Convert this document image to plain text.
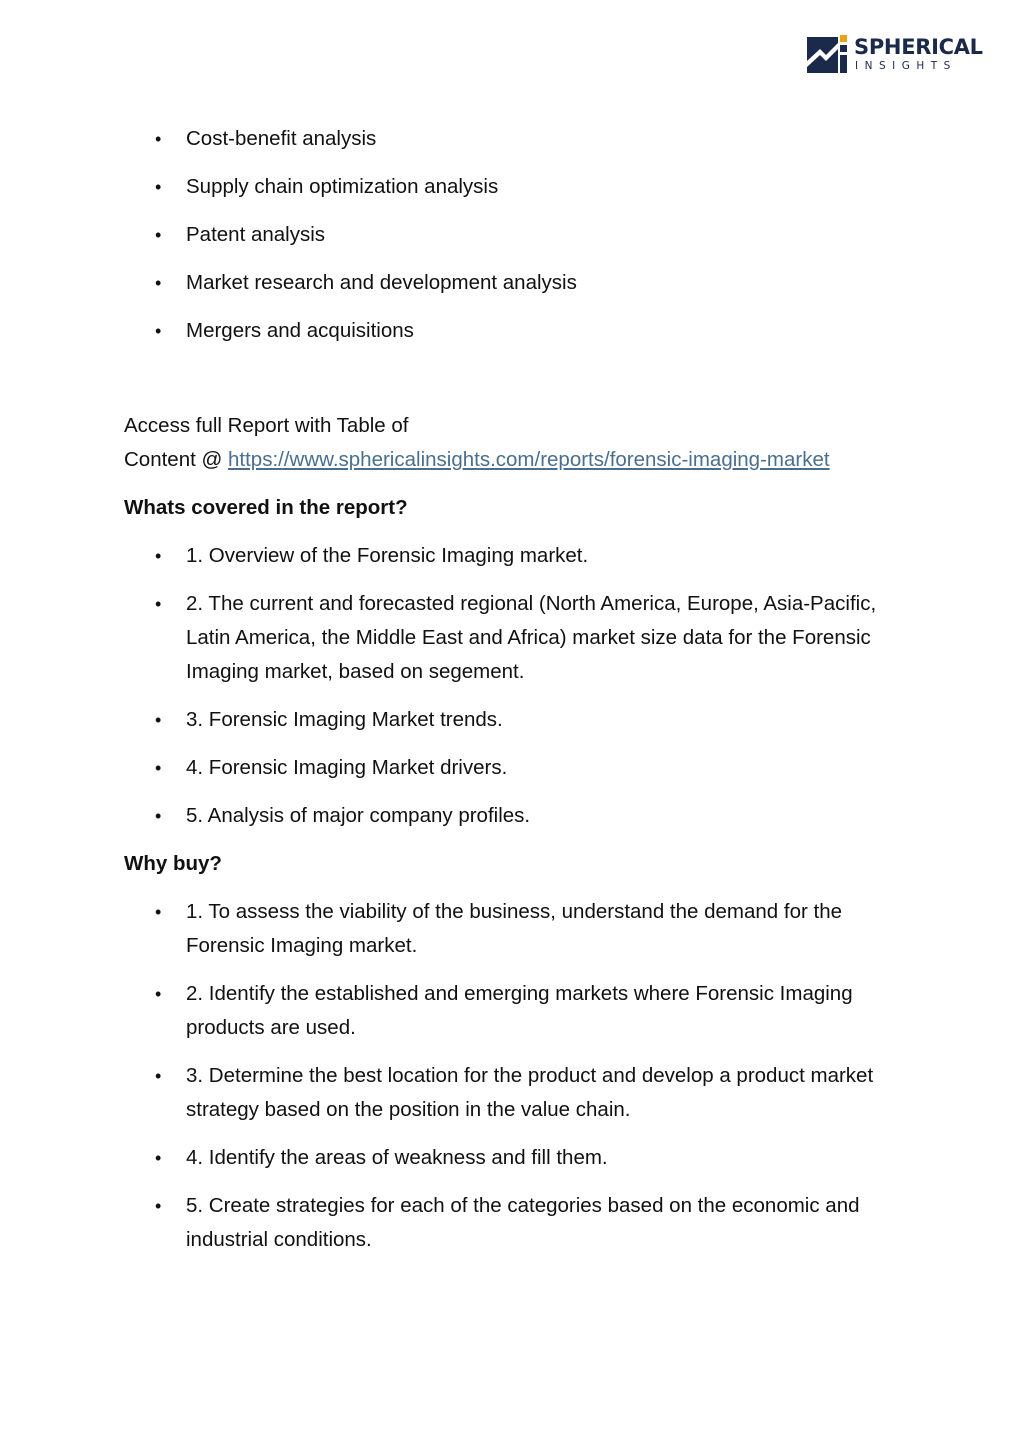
SPHERICAL
INSIGHTS
• Cost-benefit analysis
• Supply chain optimization analysis
• Patent analysis
• Market research and development analysis
• Mergers and acquisitions

Access full Report with Table of
Content @ https://www.sphericalinsights.com/reports/forensic-imaging-market

Whats covered in the report?

• 1. Overview of the Forensic Imaging market.
• 2. The current and forecasted regional (North America, Europe, Asia-Pacific, Latin America, the Middle East and Africa) market size data for the Forensic Imaging market, based on segement.
• 3. Forensic Imaging Market trends.
• 4. Forensic Imaging Market drivers.
• 5. Analysis of major company profiles.

Why buy?

• 1. To assess the viability of the business, understand the demand for the Forensic Imaging market.
• 2. Identify the established and emerging markets where Forensic Imaging products are used.
• 3. Determine the best location for the product and develop a product market strategy based on the position in the value chain.
• 4. Identify the areas of weakness and fill them.
• 5. Create strategies for each of the categories based on the economic and industrial conditions.
